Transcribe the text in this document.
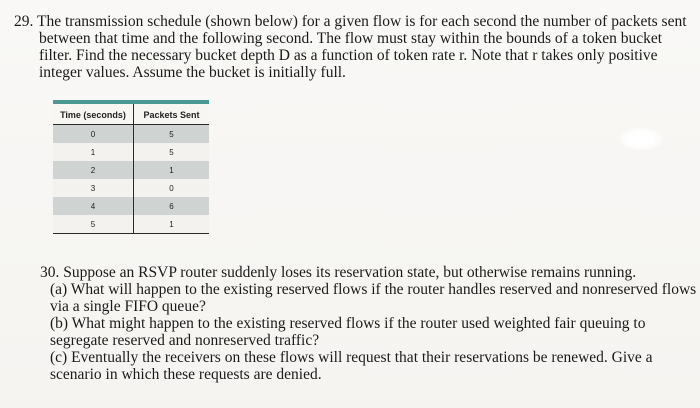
29. The transmission schedule (shown below) for a given flow is for each second the number of packets sent
between that time and the following second. The flow must stay within the bounds of a token bucket
filter. Find the necessary bucket depth D as a function of token rate r. Note that r takes only positive
integer values. Assume the bucket is initially full.
Time (seconds)	Packets Sent
0	5
1	5
2	1
3	0
4	6
5	1
30. Suppose an RSVP router suddenly loses its reservation state, but otherwise remains running.
(a) What will happen to the existing reserved flows if the router handles reserved and nonreserved flows
via a single FIFO queue?
(b) What might happen to the existing reserved flows if the router used weighted fair queuing to
segregate reserved and nonreserved traffic?
(c) Eventually the receivers on these flows will request that their reservations be renewed. Give a
scenario in which these requests are denied.
